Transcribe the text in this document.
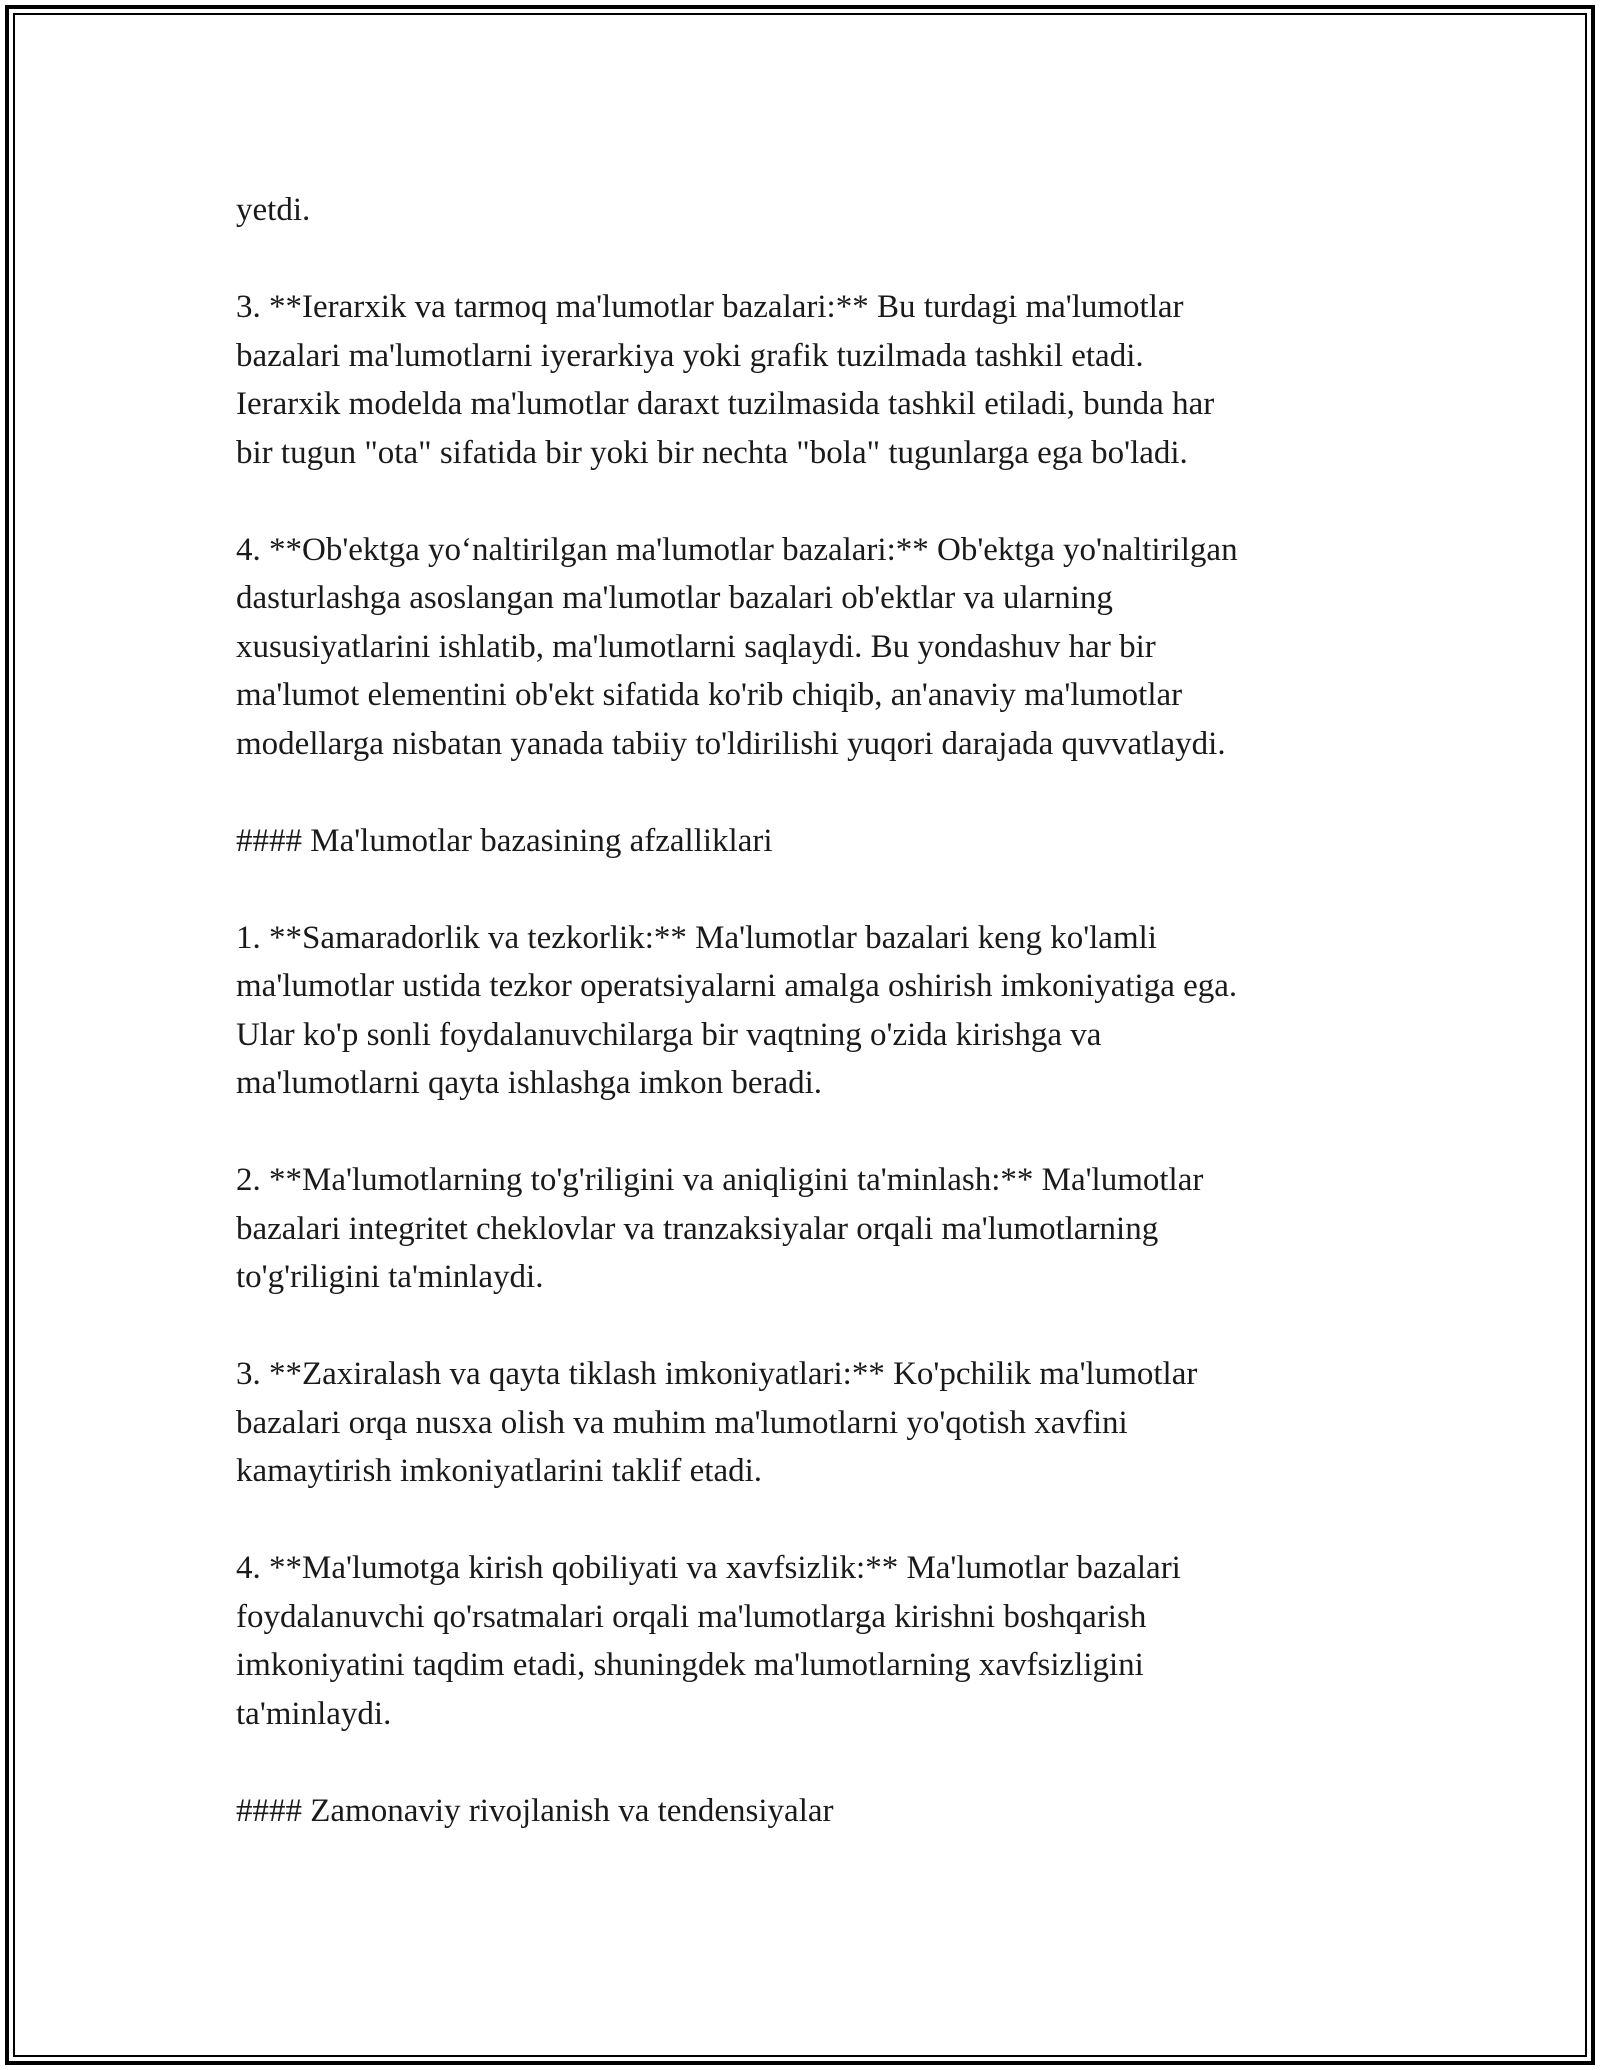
yetdi.

3. **Ierarxik va tarmoq ma'lumotlar bazalari:** Bu turdagi ma'lumotlar
bazalari ma'lumotlarni iyerarkiya yoki grafik tuzilmada tashkil etadi.
Ierarxik modelda ma'lumotlar daraxt tuzilmasida tashkil etiladi, bunda har
bir tugun "ota" sifatida bir yoki bir nechta "bola" tugunlarga ega bo'ladi.

4. **Ob'ektga yo‘naltirilgan ma'lumotlar bazalari:** Ob'ektga yo'naltirilgan
dasturlashga asoslangan ma'lumotlar bazalari ob'ektlar va ularning
xususiyatlarini ishlatib, ma'lumotlarni saqlaydi. Bu yondashuv har bir
ma'lumot elementini ob'ekt sifatida ko'rib chiqib, an'anaviy ma'lumotlar
modellarga nisbatan yanada tabiiy to'ldirilishi yuqori darajada quvvatlaydi.

#### Ma'lumotlar bazasining afzalliklari

1. **Samaradorlik va tezkorlik:** Ma'lumotlar bazalari keng ko'lamli
ma'lumotlar ustida tezkor operatsiyalarni amalga oshirish imkoniyatiga ega.
Ular ko'p sonli foydalanuvchilarga bir vaqtning o'zida kirishga va
ma'lumotlarni qayta ishlashga imkon beradi.

2. **Ma'lumotlarning to'g'riligini va aniqligini ta'minlash:** Ma'lumotlar
bazalari integritet cheklovlar va tranzaksiyalar orqali ma'lumotlarning
to'g'riligini ta'minlaydi.

3. **Zaxiralash va qayta tiklash imkoniyatlari:** Ko'pchilik ma'lumotlar
bazalari orqa nusxa olish va muhim ma'lumotlarni yo'qotish xavfini
kamaytirish imkoniyatlarini taklif etadi.

4. **Ma'lumotga kirish qobiliyati va xavfsizlik:** Ma'lumotlar bazalari
foydalanuvchi qo'rsatmalari orqali ma'lumotlarga kirishni boshqarish
imkoniyatini taqdim etadi, shuningdek ma'lumotlarning xavfsizligini
ta'minlaydi.

#### Zamonaviy rivojlanish va tendensiyalar
